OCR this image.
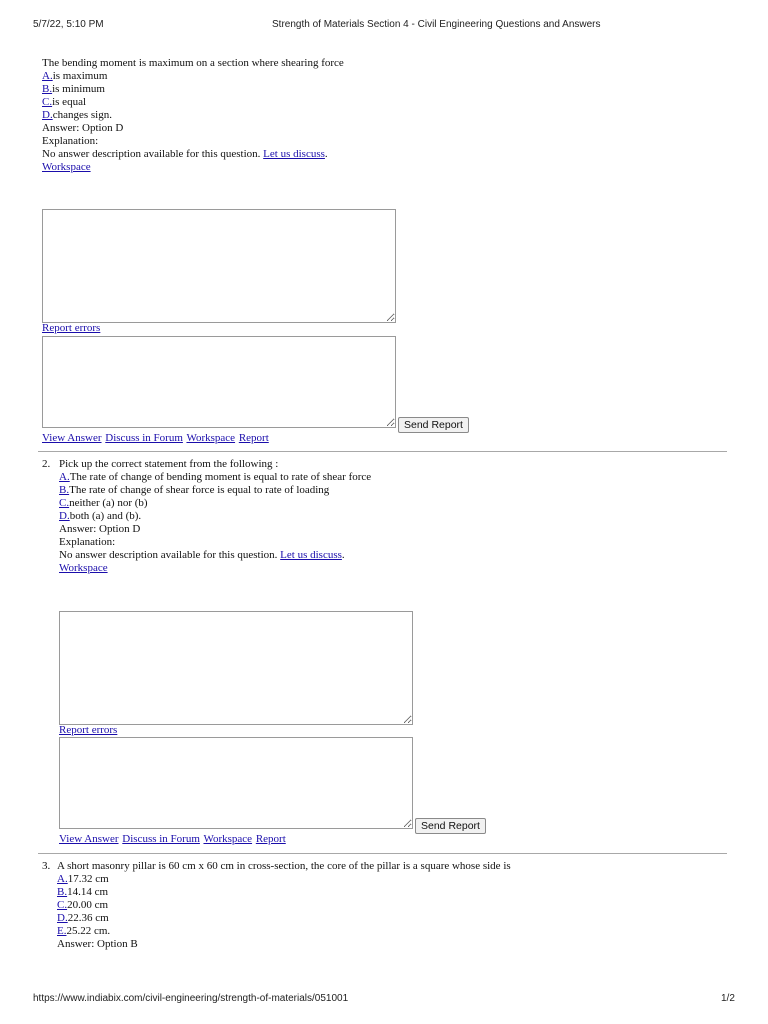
5/7/22, 5:10 PM	Strength of Materials Section 4 - Civil Engineering Questions and Answers

The bending moment is maximum on a section where shearing force

A.is maximum
B.is minimum
C.is equal
D.changes sign.

Answer: Option D

Explanation:

No answer description available for this question. Let us discuss.

Workspace
Report errors
Send Report
View Answer Discuss in Forum Workspace Report
2. Pick up the correct statement from the following :

A.The rate of change of bending moment is equal to rate of shear force
B.The rate of change of shear force is equal to rate of loading
C.neither (a) nor (b)
D.both (a) and (b).

Answer: Option D

Explanation:

No answer description available for this question. Let us discuss.

Workspace
Report errors
Send Report
View Answer Discuss in Forum Workspace Report
3. A short masonry pillar is 60 cm x 60 cm in cross-section, the core of the pillar is a square whose side is

A.17.32 cm
B.14.14 cm
C.20.00 cm
D.22.36 cm
E.25.22 cm.

Answer: Option B

https://www.indiabix.com/civil-engineering/strength-of-materials/051001	1/2
